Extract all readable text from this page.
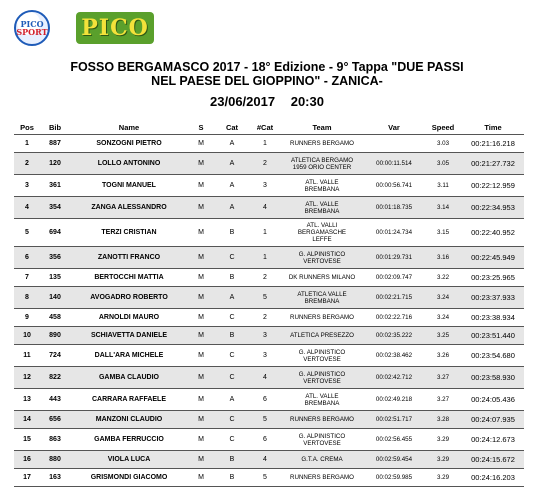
PICO
SPORT PICO
FOSSO BERGAMASCO 2017 - 18° Edizione - 9° Tappa "DUE PASSI
NEL PAESE DEL GIOPPINO" - ZANICA-
23/06/2017 20:30
Pos	Bib	Name	S	Cat	#Cat	Team	Var	Speed	Time
1	887	SONZOGNI PIETRO	M	A	1	RUNNERS BERGAMO		3.03	00:21:16.218
2	120	LOLLO ANTONINO	M	A	2	ATLETICA BERGAMO
1959 ORIO CENTER	00:00:11.514	3.05	00:21:27.732
3	361	TOGNI MANUEL	M	A	3	ATL. VALLE
BREMBANA	00:00:56.741	3.11	00:22:12.959
4	354	ZANGA ALESSANDRO	M	A	4	ATL. VALLE
BREMBANA	00:01:18.735	3.14	00:22:34.953
5	694	TERZI CRISTIAN	M	B	1	ATL. VALLI
BERGAMASCHE
LEFFE	00:01:24.734	3.15	00:22:40.952
6	356	ZANOTTI FRANCO	M	C	1	G. ALPINISTICO
VERTOVESE	00:01:29.731	3.16	00:22:45.949
7	135	BERTOCCHI MATTIA	M	B	2	DK RUNNERS MILANO	00:02:09.747	3.22	00:23:25.965
8	140	AVOGADRO ROBERTO	M	A	5	ATLETICA VALLE
BREMBANA	00:02:21.715	3.24	00:23:37.933
9	458	ARNOLDI MAURO	M	C	2	RUNNERS BERGAMO	00:02:22.716	3.24	00:23:38.934
10	890	SCHIAVETTA DANIELE	M	B	3	ATLETICA PRESEZZO	00:02:35.222	3.25	00:23:51.440
11	724	DALL'ARA MICHELE	M	C	3	G. ALPINISTICO
VERTOVESE	00:02:38.462	3.26	00:23:54.680
12	822	GAMBA CLAUDIO	M	C	4	G. ALPINISTICO
VERTOVESE	00:02:42.712	3.27	00:23:58.930
13	443	CARRARA RAFFAELE	M	A	6	ATL. VALLE
BREMBANA	00:02:49.218	3.27	00:24:05.436
14	656	MANZONI CLAUDIO	M	C	5	RUNNERS BERGAMO	00:02:51.717	3.28	00:24:07.935
15	863	GAMBA FERRUCCIO	M	C	6	G. ALPINISTICO
VERTOVESE	00:02:56.455	3.29	00:24:12.673
16	880	VIOLA LUCA	M	B	4	G.T.A. CREMA	00:02:59.454	3.29	00:24:15.672
17	163	GRISMONDI GIACOMO	M	B	5	RUNNERS BERGAMO	00:02:59.985	3.29	00:24:16.203
